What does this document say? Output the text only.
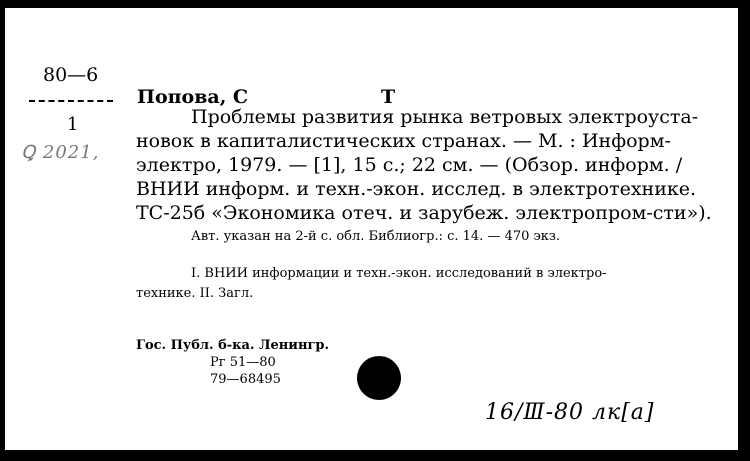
80—6
1
Ꝗ 2021,
Попова, С	Т
Проблемы развития рынка ветровых электроуста-
новок в капиталистических странах. — М. : Информ-
электро, 1979. — [1], 15 с.; 22 см. — (Обзор. информ. /
ВНИИ информ. и техн.-экон. исслед. в электротехнике.
ТС-25б «Экономика отеч. и зарубеж. электропром-сти»).
Авт. указан на 2-й с. обл. Библиогр.: с. 14. — 470 экз.
I. ВНИИ информации и техн.-экон. исследований в электро-
технике. II. Загл.
Гос. Публ. б-ка. Ленингр.
Рг 51—80
79—68495
16/Ⅲ-80 лк[а]
